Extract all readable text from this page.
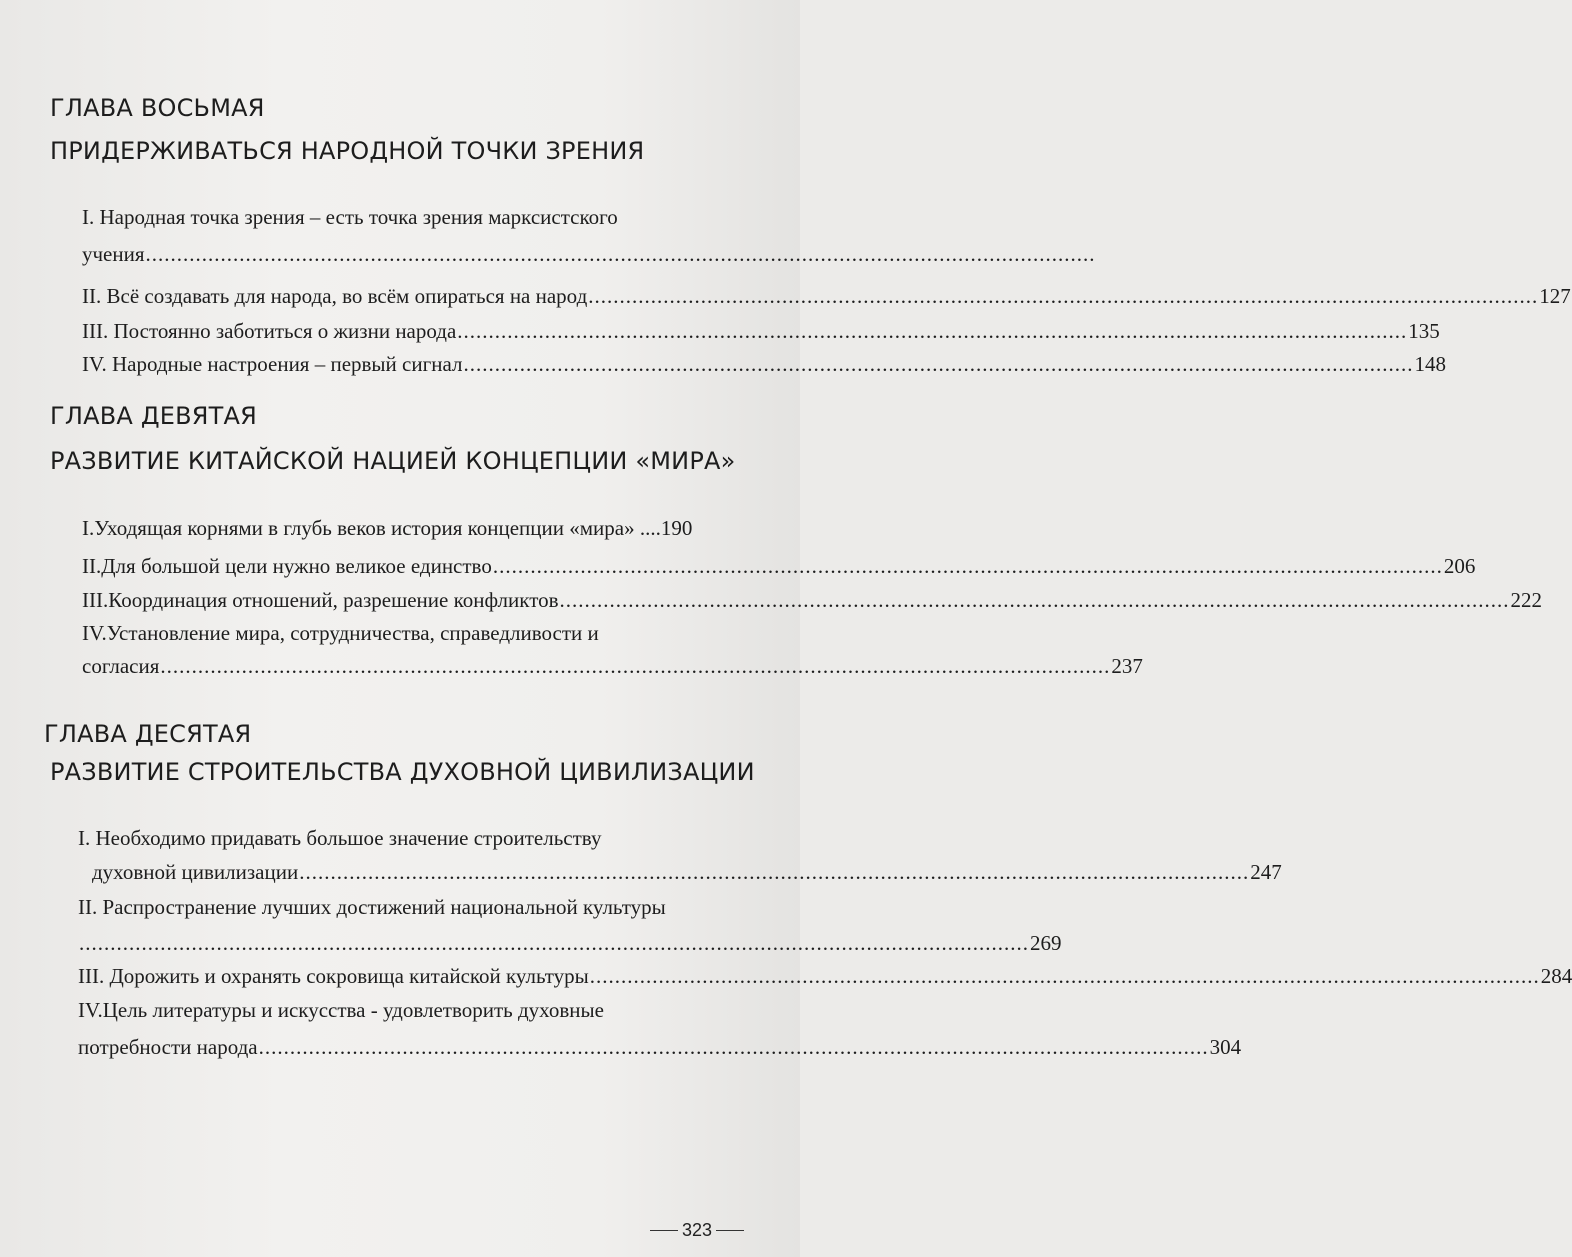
ГЛАВА ВОСЬМАЯ
ПРИДЕРЖИВАТЬСЯ НАРОДНОЙ ТОЧКИ ЗРЕНИЯ
I. Народная точка зрения – есть точка зрения марксистского
учения ........................................................................................................................................................
II. Всё создавать для народа, во всём опираться на народ ........................................................................................................................................................ 127
III. Постоянно заботиться о жизни народа ........................................................................................................................................................ 135
IV. Народные настроения – первый сигнал ........................................................................................................................................................ 148
ГЛАВА ДЕВЯТАЯ
РАЗВИТИЕ КИТАЙСКОЙ НАЦИЕЙ КОНЦЕПЦИИ «МИРА»
I.Уходящая корнями в глубь веков история концепции «мира» ....190
II.Для большой цели нужно великое единство ........................................................................................................................................................ 206
III.Координация отношений, разрешение конфликтов ........................................................................................................................................................ 222
IV.Установление мира, сотрудничества, справедливости и
согласия ........................................................................................................................................................ 237
ГЛАВА ДЕСЯТАЯ
РАЗВИТИЕ СТРОИТЕЛЬСТВА ДУХОВНОЙ ЦИВИЛИЗАЦИИ
I. Необходимо придавать большое значение строительству
духовной цивилизации ........................................................................................................................................................ 247
II. Распространение лучших достижений национальной культуры
........................................................................................................................................................ 269
III. Дорожить и охранять сокровища китайской культуры ........................................................................................................................................................ 284
IV.Цель литературы и искусства - удовлетворить духовные
потребности народа ........................................................................................................................................................ 304
323
